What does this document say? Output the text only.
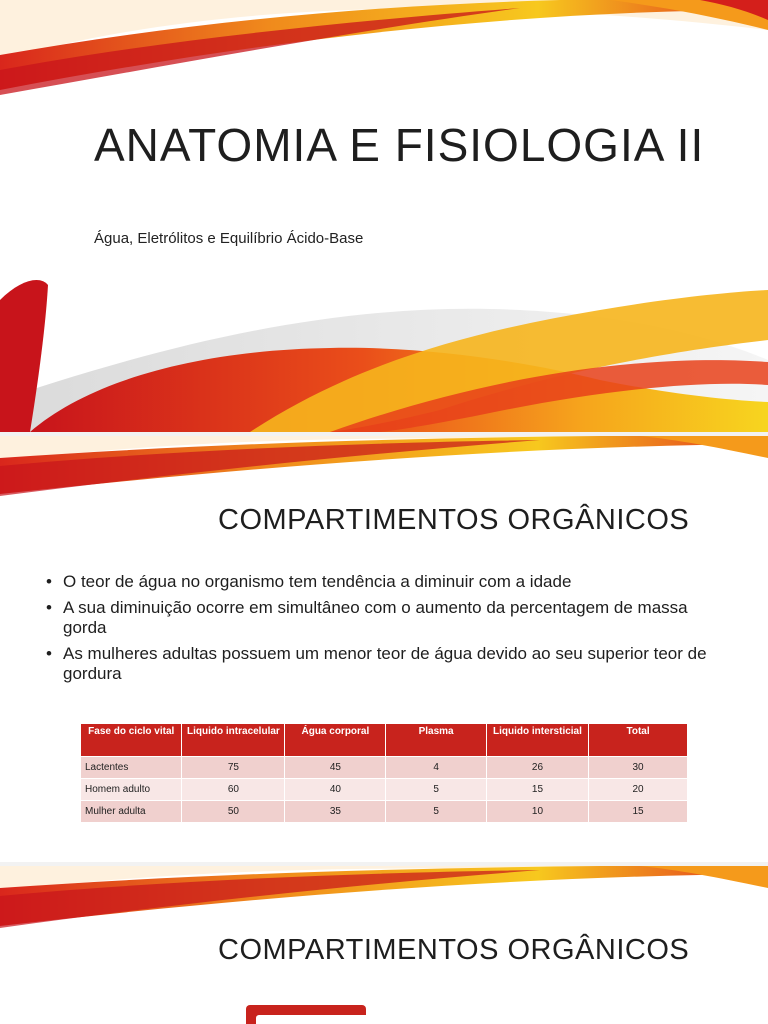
ANATOMIA E FISIOLOGIA II

Água, Eletrólitos e Equilíbrio Ácido-Base

COMPARTIMENTOS ORGÂNICOS
• O teor de água no organismo tem tendência a diminuir com a idade
• A sua diminuição ocorre em simultâneo com o aumento da percentagem de massa gorda
• As mulheres adultas possuem um menor teor de água devido ao seu superior teor de gordura
Fase do ciclo vital	Liquido intracelular	Água corporal	Plasma	Liquido intersticial	Total
Lactentes	75	45	4	26	30
Homem adulto	60	40	5	15	20
Mulher adulta	50	35	5	10	15
COMPARTIMENTOS ORGÂNICOS
